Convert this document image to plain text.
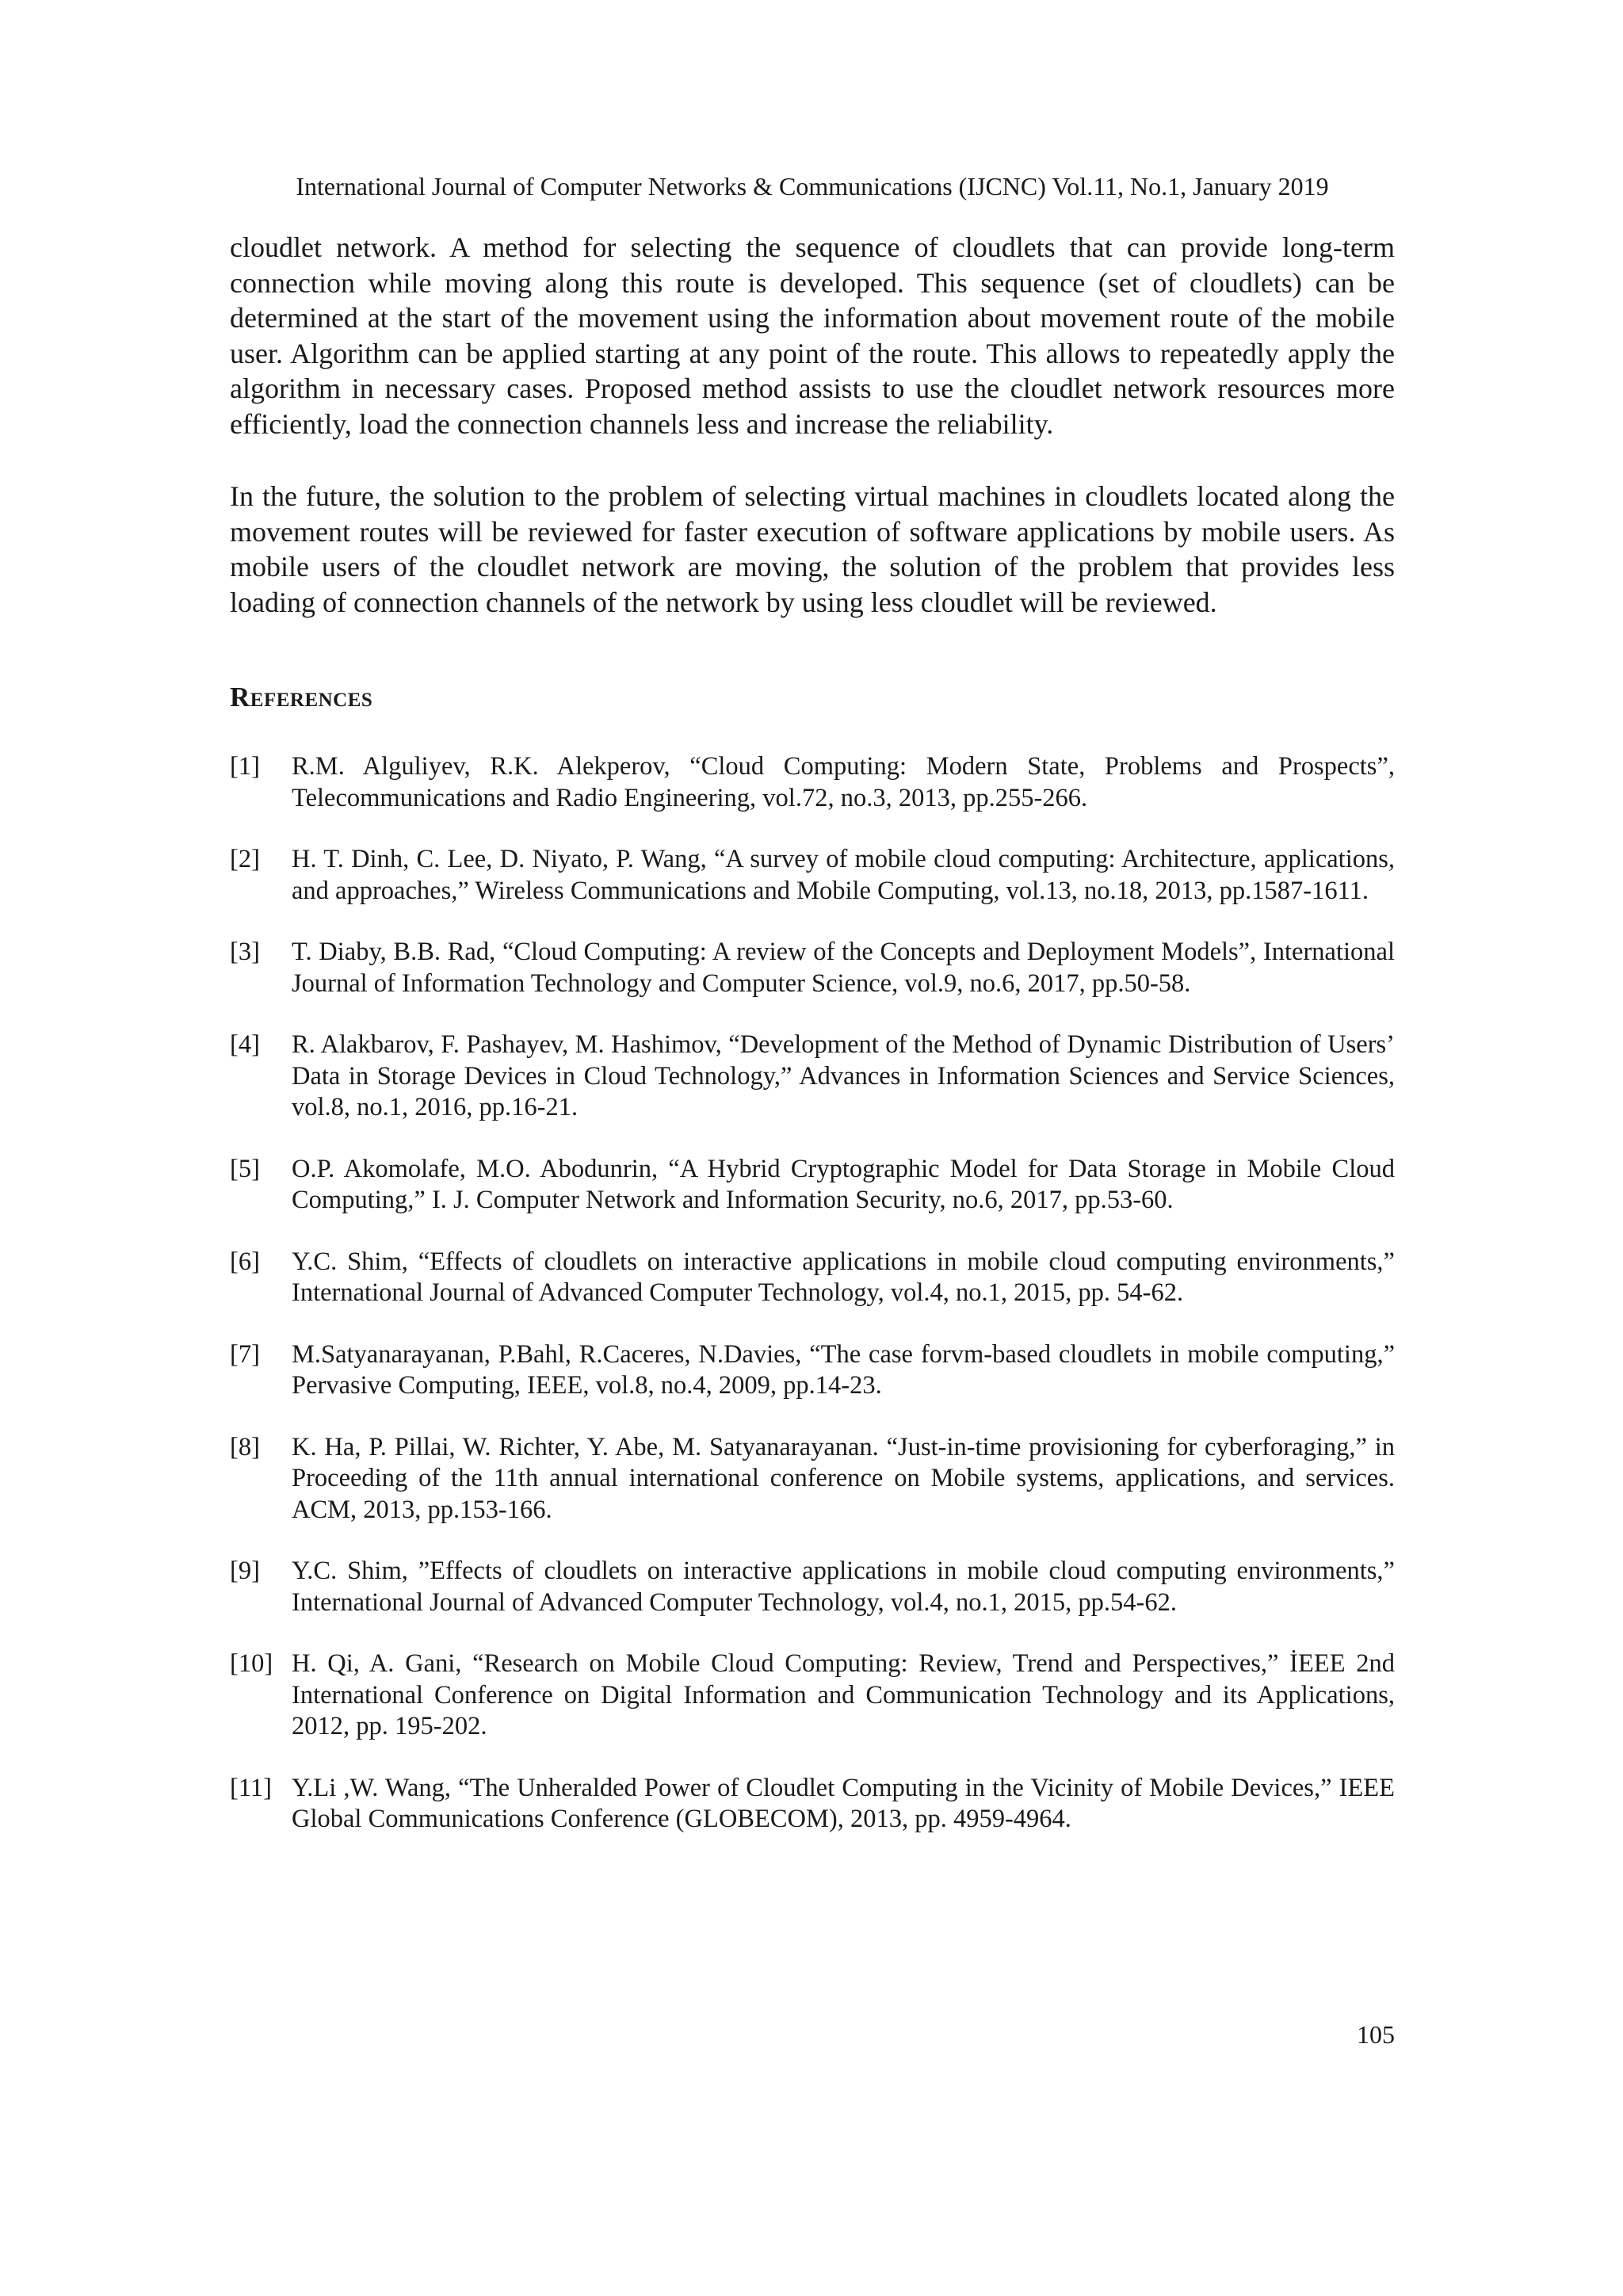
International Journal of Computer Networks & Communications (IJCNC) Vol.11, No.1, January 2019

cloudlet network. A method for selecting the sequence of cloudlets that can provide long-term connection while moving along this route is developed. This sequence (set of cloudlets) can be determined at the start of the movement using the information about movement route of the mobile user. Algorithm can be applied starting at any point of the route. This allows to repeatedly apply the algorithm in necessary cases. Proposed method assists to use the cloudlet network resources more efficiently, load the connection channels less and increase the reliability.

In the future, the solution to the problem of selecting virtual machines in cloudlets located along the movement routes will be reviewed for faster execution of software applications by mobile users. As mobile users of the cloudlet network are moving, the solution of the problem that provides less loading of connection channels of the network by using less cloudlet will be reviewed.

References
[1]	R.M. Alguliyev, R.K. Alekperov, “Cloud Computing: Modern State, Problems and Prospects”, Telecommunications and Radio Engineering, vol.72, no.3, 2013, pp.255-266.
[2]	H. T. Dinh, C. Lee, D. Niyato, P. Wang, “A survey of mobile cloud computing: Architecture, applications, and approaches,” Wireless Communications and Mobile Computing, vol.13, no.18, 2013, pp.1587-1611.
[3]	T. Diaby, B.B. Rad, “Cloud Computing: A review of the Concepts and Deployment Models”, International Journal of Information Technology and Computer Science, vol.9, no.6, 2017, pp.50-58.
[4]	R. Alakbarov, F. Pashayev, M. Hashimov, “Development of the Method of Dynamic Distribution of Users’ Data in Storage Devices in Cloud Technology,” Advances in Information Sciences and Service Sciences, vol.8, no.1, 2016, pp.16-21.
[5]	O.P. Akomolafe, M.O. Abodunrin, “A Hybrid Cryptographic Model for Data Storage in Mobile Cloud Computing,” I. J. Computer Network and Information Security, no.6, 2017, pp.53-60.
[6]	Y.C. Shim, “Effects of cloudlets on interactive applications in mobile cloud computing environments,” International Journal of Advanced Computer Technology, vol.4, no.1, 2015, pp. 54-62.
[7]	M.Satyanarayanan, P.Bahl, R.Caceres, N.Davies, “The case forvm-based cloudlets in mobile computing,” Pervasive Computing, IEEE, vol.8, no.4, 2009, pp.14-23.
[8]	K. Ha, P. Pillai, W. Richter, Y. Abe, M. Satyanarayanan. “Just-in-time provisioning for cyberforaging,” in Proceeding of the 11th annual international conference on Mobile systems, applications, and services. ACM, 2013, pp.153-166.
[9]	Y.C. Shim, ”Effects of cloudlets on interactive applications in mobile cloud computing environments,” International Journal of Advanced Computer Technology, vol.4, no.1, 2015, pp.54-62.
[10] H. Qi, A. Gani, “Research on Mobile Cloud Computing: Review, Trend and Perspectives,” İEEE 2nd International Conference on Digital Information and Communication Technology and its Applications, 2012, pp. 195-202.
[11] Y.Li ,W. Wang, “The Unheralded Power of Cloudlet Computing in the Vicinity of Mobile Devices,” IEEE Global Communications Conference (GLOBECOM), 2013, pp. 4959-4964.
105
